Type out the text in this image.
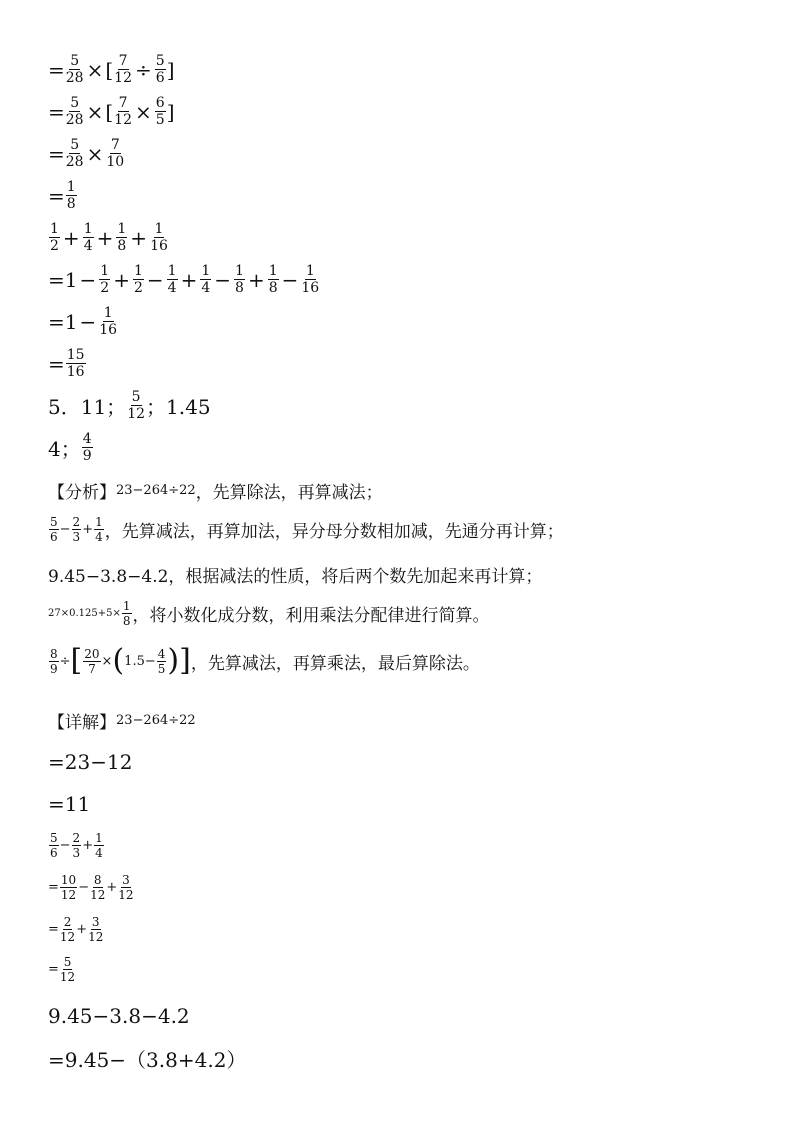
= $\frac{5}{28}$ × [ $\frac{7}{12} \div \frac{5}{6}$ ]
= $\frac{5}{28}$ × [ $\frac{7}{12} \times \frac{6}{5}$ ]
= $\frac{5}{28} \times \frac{7}{10}$
= $\frac{1}{8}$
1
$2 + \frac{1}{4} + \frac{1}{8} + \frac{1}{16}$
= $1 - \frac{1}{2} + \frac{1}{2} - \frac{1}{4} + \frac{1}{4} - \frac{1}{8} + \frac{1}{8} - \frac{1}{16}$
= $1 - \frac{1}{16}$
= $\frac{15}{16}$
5．11； 5
12 ；1.45
4； 4
9
【分析】 23−264÷22 ，先算除法，再算减法；
5
$6 - \frac{2}{3} + \frac{1}{4}$ ，先算减法，再算加法，异分母分数相加减，先通分再计算；
9.45−3.8−4.2，根据减法的性质，将后两个数先加起来再计算；
$27\times 0.125+5\times \frac{1}{8}$ ，将小数化成分数，利用乘法分配律进行简算。
$\frac{8}{9}$ ÷ [ $\frac{20}{7}$ × ( $1.5- \frac{4}{5}$ ) ] ，先算减法，再算乘法，最后算除法。
【详解】 23−264÷22
=23−12
=11
5
$6 - \frac{2}{3} + \frac{1}{4}$
= $\frac{10}{12} - \frac{8}{12} + \frac{3}{12}$
= $\frac{2}{12} + \frac{3}{12}$
= $\frac{5}{12}$
9.45−3.8−4.2
=9.45−（3.8+4.2）
